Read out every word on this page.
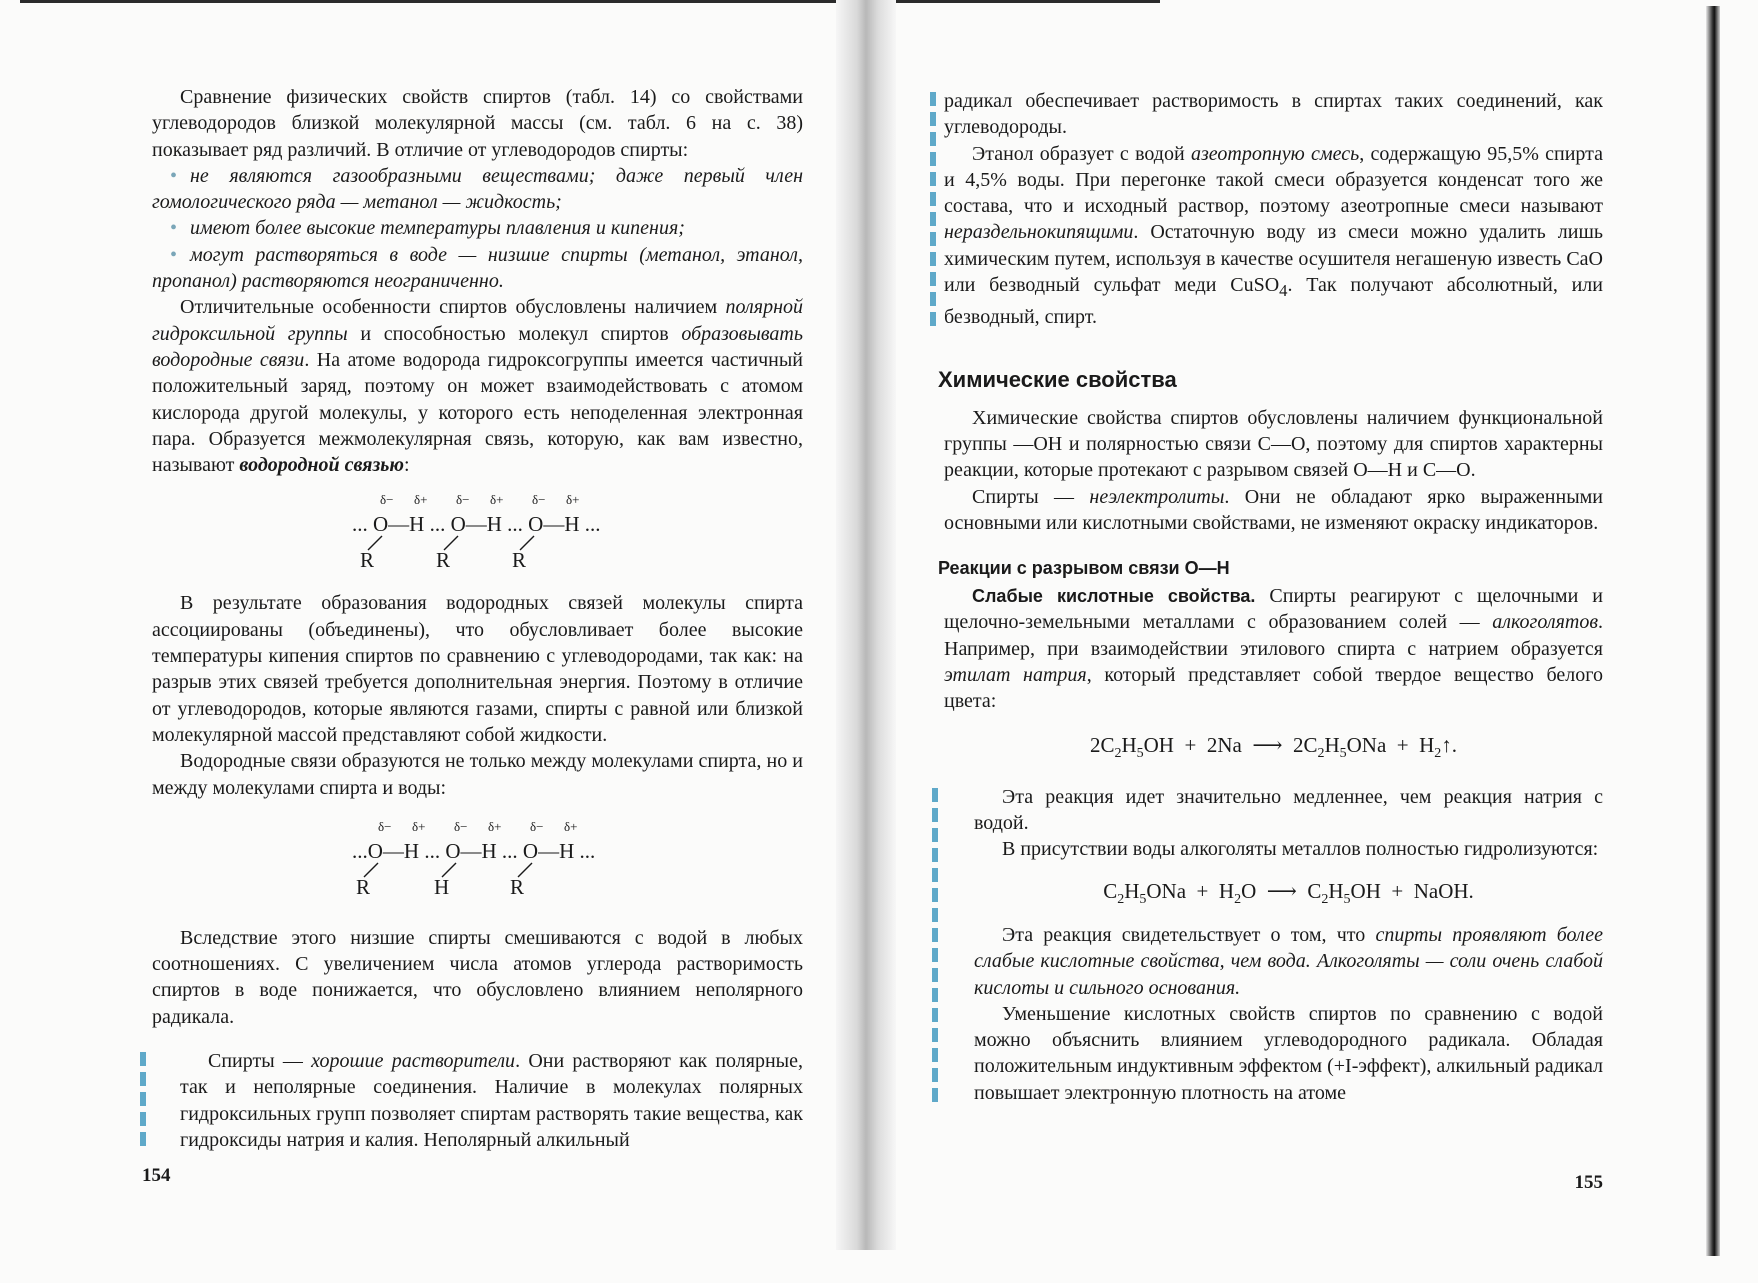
Сравнение физических свойств спиртов (табл. 14) со свойствами углеводородов близкой молекулярной массы (см. табл. 6 на с. 38) показывает ряд различий. В отличие от углеводородов спирты:

• не являются газообразными веществами; даже первый член гомологического ряда — метанол — жидкость;
• имеют более высокие температуры плавления и кипения;
• могут растворяться в воде — низшие спирты (метанол, этанол, пропанол) растворяются неограниченно.

Отличительные особенности спиртов обусловлены наличием полярной гидроксильной группы и способностью молекул спиртов образовывать водородные связи. На атоме водорода гидроксогруппы имеется частичный положительный заряд, поэтому он может взаимодействовать с атомом кислорода другой молекулы, у которого есть неподеленная электронная пара. Образуется межмолекулярная связь, которую, как вам известно, называют водородной связью:

δ− δ+ δ− δ+ δ− δ+
... O—H ... O—H ... O—H ...
R	R	R

В результате образования водородных связей молекулы спирта ассоциированы (объединены), что обусловливает более высокие температуры кипения спиртов по сравнению с углеводородами, так как: на разрыв этих связей требуется дополнительная энергия. Поэтому в отличие от углеводородов, которые являются газами, спирты с равной или близкой молекулярной массой представляют собой жидкости.

Водородные связи образуются не только между молекулами спирта, но и между молекулами спирта и воды:

δ− δ+ δ− δ+ δ− δ+
...O—H ... O—H ... O—H ...
R	H	R

Вследствие этого низшие спирты смешиваются с водой в любых соотношениях. С увеличением числа атомов углерода растворимость спиртов в воде понижается, что обусловлено влиянием неполярного радикала.

Спирты — хорошие растворители. Они растворяют как полярные, так и неполярные соединения. Наличие в молекулах полярных гидроксильных групп позволяет спиртам растворять такие вещества, как гидроксиды натрия и калия. Неполярный алкильный

154

радикал обеспечивает растворимость в спиртах таких соединений, как углеводороды.

Этанол образует с водой азеотропную смесь, содержащую 95,5% спирта и 4,5% воды. При перегонке такой смеси образуется конденсат того же состава, что и исходный раствор, поэтому азеотропные смеси называют нераздельнокипящими. Остаточную воду из смеси можно удалить лишь химическим путем, используя в качестве осушителя негашеную известь CaO или безводный сульфат меди CuSO$_4$. Так получают абсолютный, или безводный, спирт.

Химические свойства

Химические свойства спиртов обусловлены наличием функциональной группы —OH и полярностью связи C—O, поэтому для спиртов характерны реакции, которые протекают с разрывом связей O—H и C—O.

Спирты — неэлектролиты. Они не обладают ярко выраженными основными или кислотными свойствами, не изменяют окраску индикаторов.

Реакции с разрывом связи O—H

Слабые кислотные свойства. Спирты реагируют с щелочными и щелочно-земельными металлами с образованием солей — алкоголятов. Например, при взаимодействии этилового спирта с натрием образуется этилат натрия, который представляет собой твердое вещество белого цвета:

$2C_2H_5OH + 2Na$ ⟶ $2C_2H_5ONa$ + $H_2↑$.

Эта реакция идет значительно медленнее, чем реакция натрия с водой.

В присутствии воды алкоголяты металлов полностью гидролизуются:

$C_2H_5ONa + H_2O$ ⟶ $C_2H_5OH$ + NaOH.

Эта реакция свидетельствует о том, что спирты проявляют более слабые кислотные свойства, чем вода. Алкоголяты — соли очень слабой кислоты и сильного основания.

Уменьшение кислотных свойств спиртов по сравнению с водой можно объяснить влиянием углеводородного радикала. Обладая положительным индуктивным эффектом (+I-эффект), алкильный радикал повышает электронную плотность на атоме

155
